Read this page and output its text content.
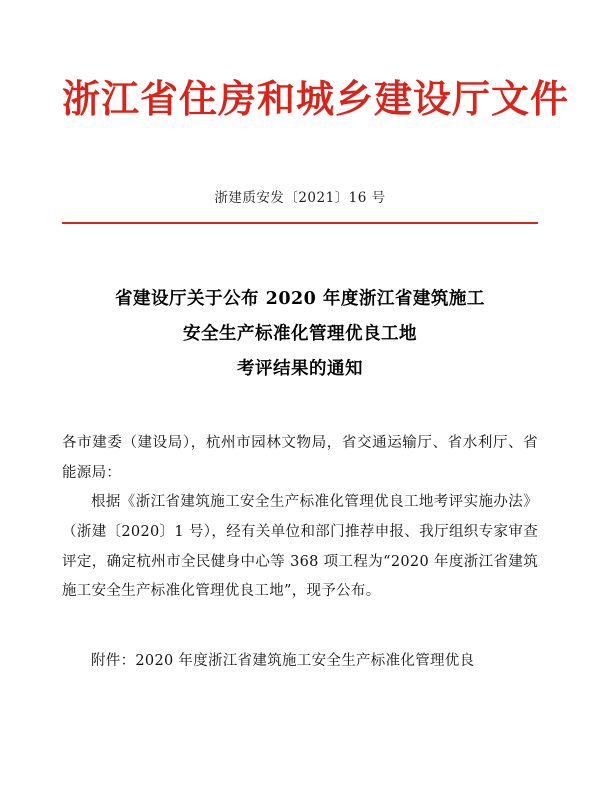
浙江省住房和城乡建设厅文件
浙建质安发〔2021〕16 号
省建设厅关于公布 2020 年度浙江省建筑施工
安全生产标准化管理优良工地
考评结果的通知

各市建委（建设局），杭州市园林文物局，省交通运输厅、省水利厅、省能源局：

根据《浙江省建筑施工安全生产标准化管理优良工地考评实施办法》（浙建〔2020〕1 号），经有关单位和部门推荐申报、我厅组织专家审查评定，确定杭州市全民健身中心等 368 项工程为“2020 年度浙江省建筑施工安全生产标准化管理优良工地”，现予公布。

附件：2020 年度浙江省建筑施工安全生产标准化管理优良
